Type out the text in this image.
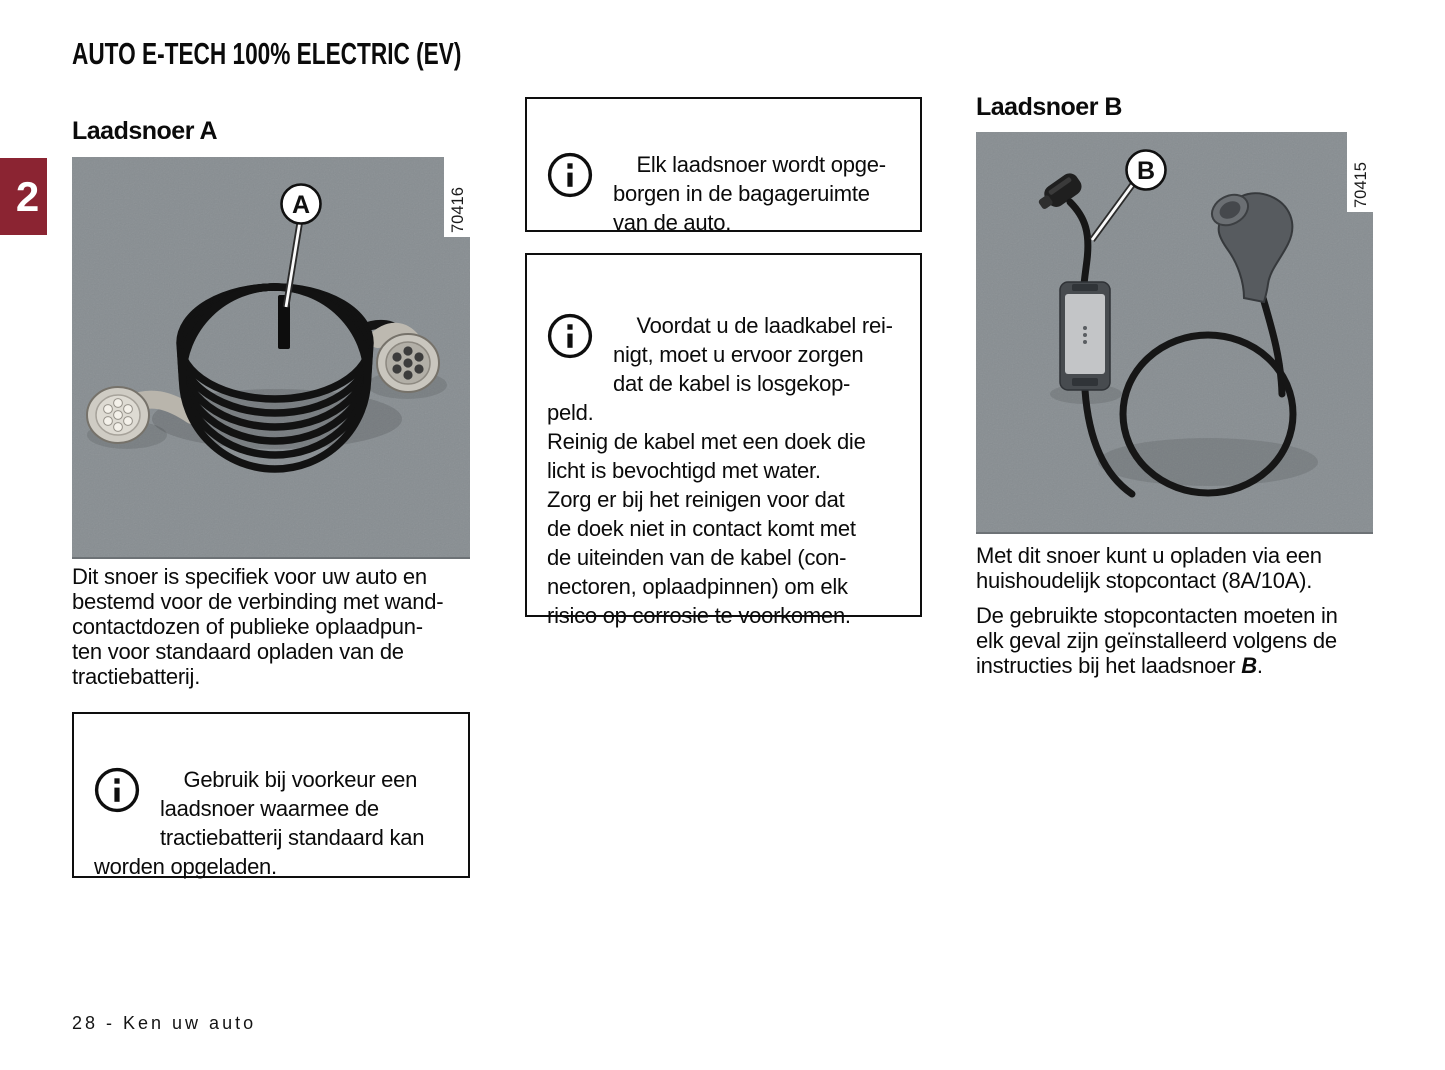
AUTO E-TECH 100% ELECTRIC (EV)
2
Laadsnoer A
A	70416
Dit snoer is specifiek voor uw auto en
bestemd voor de verbinding met wand-
contactdozen of publieke oplaadpun-
ten voor standaard opladen van de
tractiebatterij.

Gebruik bij voorkeur een
laadsnoer waarmee de
tractiebatterij standaard kan
worden opgeladen.

Elk laadsnoer wordt opge-
borgen in de bagageruimte
van de auto.

Voordat u de laadkabel rei-
nigt, moet u ervoor zorgen
dat de kabel is losgekop-
peld.
Reinig de kabel met een doek die
licht is bevochtigd met water.
Zorg er bij het reinigen voor dat
de doek niet in contact komt met
de uiteinden van de kabel (con-
nectoren, oplaadpinnen) om elk
risico op corrosie te voorkomen.

Laadsnoer B
B	70415
Met dit snoer kunt u opladen via een
huishoudelijk stopcontact (8A/10A).
De gebruikte stopcontacten moeten in
elk geval zijn geïnstalleerd volgens de
instructies bij het laadsnoer B.
28 - Ken uw auto
